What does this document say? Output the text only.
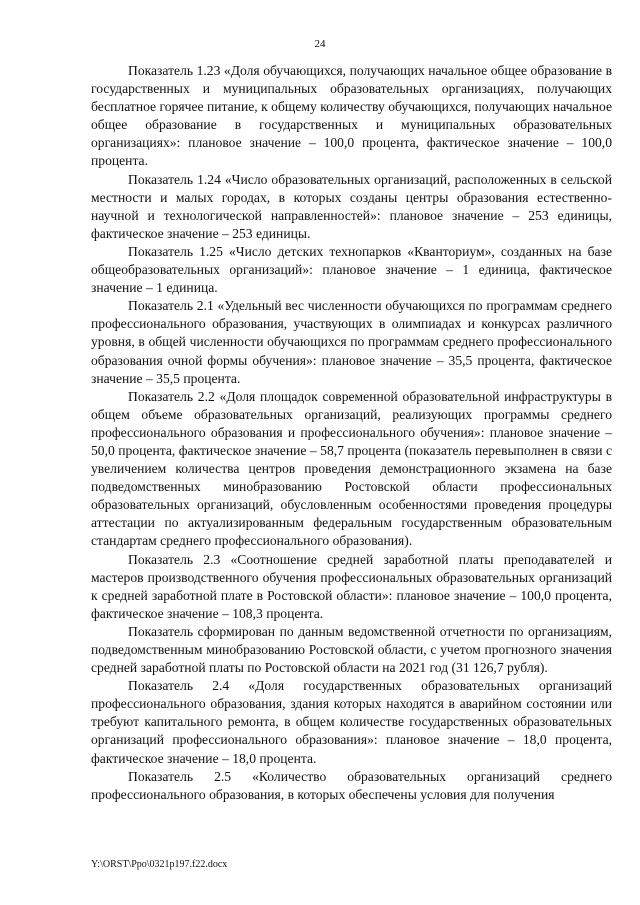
24

Показатель 1.23 «Доля обучающихся, получающих начальное общее образование в государственных и муниципальных образовательных организациях, получающих бесплатное горячее питание, к общему количеству обучающихся, получающих начальное общее образование в государственных и муниципальных образовательных организациях»: плановое значение – 100,0 процента, фактическое значение – 100,0 процента.

Показатель 1.24 «Число образовательных организаций, расположенных в сельской местности и малых городах, в которых созданы центры образования естественно-научной и технологической направленностей»: плановое значение – 253 единицы, фактическое значение – 253 единицы.

Показатель 1.25 «Число детских технопарков «Кванториум», созданных на базе общеобразовательных организаций»: плановое значение – 1 единица, фактическое значение – 1 единица.

Показатель 2.1 «Удельный вес численности обучающихся по программам среднего профессионального образования, участвующих в олимпиадах и конкурсах различного уровня, в общей численности обучающихся по программам среднего профессионального образования очной формы обучения»: плановое значение – 35,5 процента, фактическое значение – 35,5 процента.

Показатель 2.2 «Доля площадок современной образовательной инфраструктуры в общем объеме образовательных организаций, реализующих программы среднего профессионального образования и профессионального обучения»: плановое значение – 50,0 процента, фактическое значение – 58,7 процента (показатель перевыполнен в связи с увеличением количества центров проведения демонстрационного экзамена на базе подведомственных минобразованию Ростовской области профессиональных образовательных организаций, обусловленным особенностями проведения процедуры аттестации по актуализированным федеральным государственным образовательным стандартам среднего профессионального образования).

Показатель 2.3 «Соотношение средней заработной платы преподавателей и мастеров производственного обучения профессиональных образовательных организаций к средней заработной плате в Ростовской области»: плановое значение – 100,0 процента, фактическое значение – 108,3 процента.

Показатель сформирован по данным ведомственной отчетности по организациям, подведомственным минобразованию Ростовской области, с учетом прогнозного значения средней заработной платы по Ростовской области на 2021 год (31 126,7 рубля).

Показатель 2.4 «Доля государственных образовательных организаций профессионального образования, здания которых находятся в аварийном состоянии или требуют капитального ремонта, в общем количестве государственных образовательных организаций профессионального образования»: плановое значение – 18,0 процента, фактическое значение – 18,0 процента.

Показатель 2.5 «Количество образовательных организаций среднего профессионального образования, в которых обеспечены условия для получения

Y:\ORST\Ppo\0321p197.f22.docx
